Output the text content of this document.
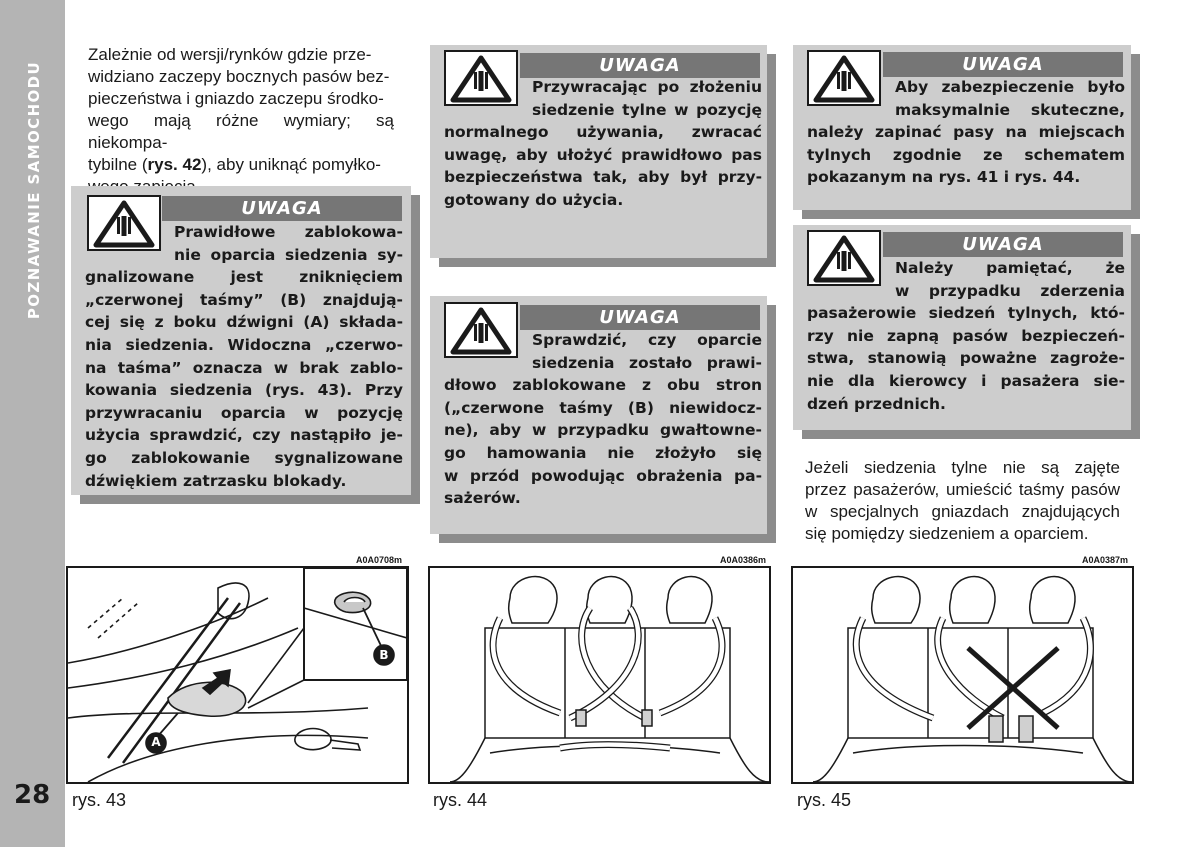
POZNAWANIE SAMOCHODU
28
Zależnie od wersji/rynków gdzie prze-
widziano zaczepy bocznych pasów bez-
pieczeństwa i gniazdo zaczepu środko-
wego mają różne wymiary; są niekompa-
tybilne (rys. 42), aby uniknąć pomyłko-

UWAGA
Prawidłowe zablokowa-
nie oparcia siedzenia sy-
gnalizowane jest zniknięciem
„czerwonej taśmy” (B) znajdują-
cej się z boku dźwigni (A) składa-
nia siedzenia. Widoczna „czerwo-
na taśma” oznacza w brak zablo-
kowania siedzenia (rys. 43). Przy
przywracaniu oparcia w pozycję
użycia sprawdzić, czy nastąpiło je-
go zablokowanie sygnalizowane
dźwiękiem zatrzasku blokady.
UWAGA
Przywracając po złożeniu
siedzenie tylne w pozycję
normalnego używania, zwracać
uwagę, aby ułożyć prawidłowo pas
bezpieczeństwa tak, aby był przy-
gotowany do użycia.
UWAGA
Sprawdzić, czy oparcie
siedzenia zostało prawi-
dłowo zablokowane z obu stron
(„czerwone taśmy (B) niewidocz-
ne), aby w przypadku gwałtowne-
go hamowania nie złożyło się
w przód powodując obrażenia pa-
sażerów.
UWAGA
Aby zabezpieczenie było
maksymalnie skuteczne,
należy zapinać pasy na miejscach
tylnych zgodnie ze schematem
pokazanym na rys. 41 i rys. 44.
UWAGA
Należy pamiętać, że
w przypadku zderzenia
pasażerowie siedzeń tylnych, któ-
rzy nie zapną pasów bezpieczeń-
stwa, stanowią poważne zagroże-
nie dla kierowcy i pasażera sie-
dzeń przednich.
Jeżeli siedzenia tylne nie są zajęte
przez pasażerów, umieścić taśmy pasów
w specjalnych gniazdach znajdujących
się pomiędzy siedzeniem a oparciem.
A0A0708m	A0A0386m	A0A0387m
A
B
rys. 43	rys. 44	rys. 45
